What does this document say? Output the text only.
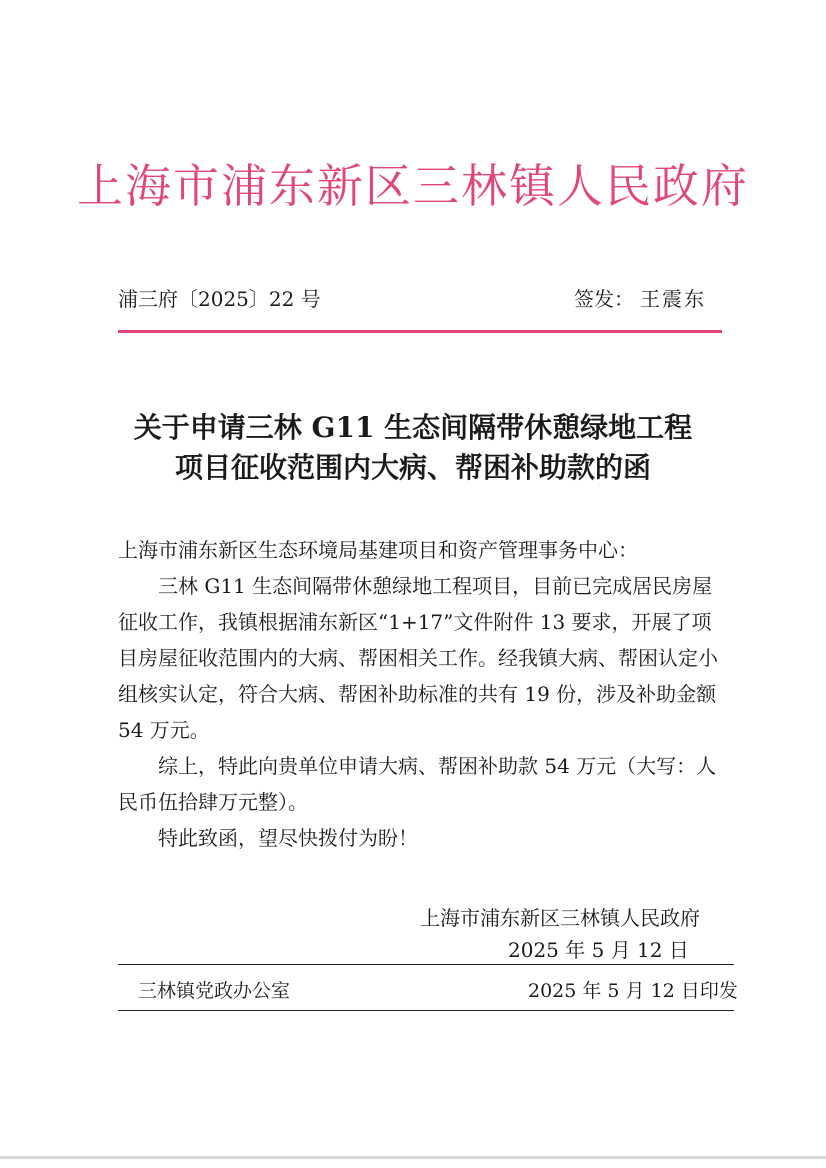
上海市浦东新区三林镇人民政府
浦三府〔2025〕22 号	签发： 王震东
关于申请三林 G11 生态间隔带休憩绿地工程
项目征收范围内大病、帮困补助款的函

上海市浦东新区生态环境局基建项目和资产管理事务中心：

三林 G11 生态间隔带休憩绿地工程项目，目前已完成居民房屋征收工作，我镇根据浦东新区“1+17”文件附件 13 要求，开展了项目房屋征收范围内的大病、帮困相关工作。经我镇大病、帮困认定小组核实认定，符合大病、帮困补助标准的共有 19 份，涉及补助金额 54 万元。

综上，特此向贵单位申请大病、帮困补助款 54 万元（大写：人民币伍拾肆万元整）。

特此致函，望尽快拨付为盼！

上海市浦东新区三林镇人民政府
2025 年 5 月 12 日
三林镇党政办公室	2025 年 5 月 12 日印发
